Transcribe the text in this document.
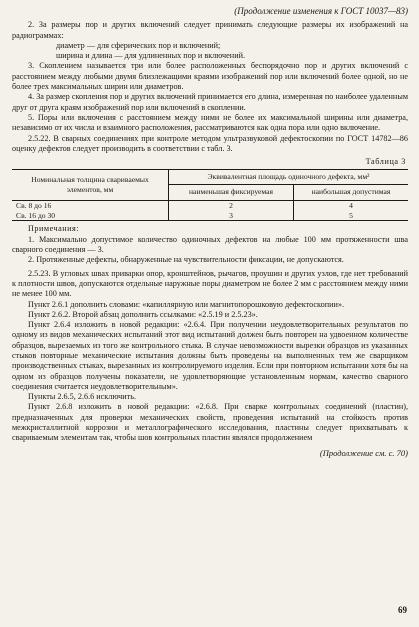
(Продолжение изменения к ГОСТ 10037—83)

2. За размеры пор и других включений следует принимать следующие размеры их изображений на радиограммах:

диаметр — для сферических пор и включений;

ширина и длина — для удлиненных пор и включений.

3. Скоплением называется три или более расположенных беспорядочно пор и других включений с расстоянием между любыми двумя близлежащими краями изображений пор или включений более одной, но не более трех максимальных ширин или диаметров.

4. За размер скопления пор и других включений принимается его длина, измеренная по наиболее удаленным друг от друга краям изображений пор или включений в скоплении.

5. Поры или включения с расстоянием между ними не более их максимальной ширины или диаметра, независимо от их числа и взаимного расположения, рассматриваются как одна пора или одно включение.

2.5.22. В сварных соединениях при контроле методом ультразвуковой дефектоскопии по ГОСТ 14782—86 оценку дефектов следует производить в соответствии с табл. 3.

Таблица 3
Номинальная толщина свариваемых элементов, мм	Эквивалентная площадь одиночного дефекта, мм²	
	наименьшая фиксируемая	наибольшая допустимая
Св. 8 до 16	2	4
Св. 16 до 30	3	5
Примечания:

1. Максимально допустимое количество одиночных дефектов на любые 100 мм протяженности шва сварного соединения — 3.

2. Протяженные дефекты, обнаруженные на чувствительности фиксации, не допускаются.

2.5.23. В угловых швах приварки опор, кронштейнов, рычагов, проушин и других узлов, где нет требований к плотности швов, допускаются отдельные наружные поры диаметром не более 2 мм с расстоянием между ними не менее 100 мм.

Пункт 2.6.1 дополнить словами: «капиллярную или магнитопорошковую дефектоскопии».

Пункт 2.6.2. Второй абзац дополнить ссылками: «2.5.19 и 2.5.23».

Пункт 2.6.4 изложить в новой редакции: «2.6.4. При получении неудовлетворительных результатов по одному из видов механических испытаний этот вид испытаний должен быть повторен на удвоенном количестве образцов, вырезаемых из того же контрольного стыка. В случае невозможности вырезки образцов из указанных стыков повторные механические испытания должны быть проведены на выполненных тем же сварщиком производственных стыках, вырезанных из контролируемого изделия. Если при повторном испытании хотя бы на одном из образцов получены показатели, не удовлетворяющие установленным нормам, качество сварного соединения считается неудовлетворительным».

Пункты 2.6.5, 2.6.6 исключить.

Пункт 2.6.8 изложить в новой редакции: «2.6.8. При сварке контрольных соединений (пластин), предназначенных для проверки механических свойств, проведения испытаний на стойкость против межкристаллитной коррозии и металлографического исследования, пластины следует прихватывать к свариваемым элементам так, чтобы шов контрольных пластин являлся продолжением

(Продолжение см. с. 70)
69
